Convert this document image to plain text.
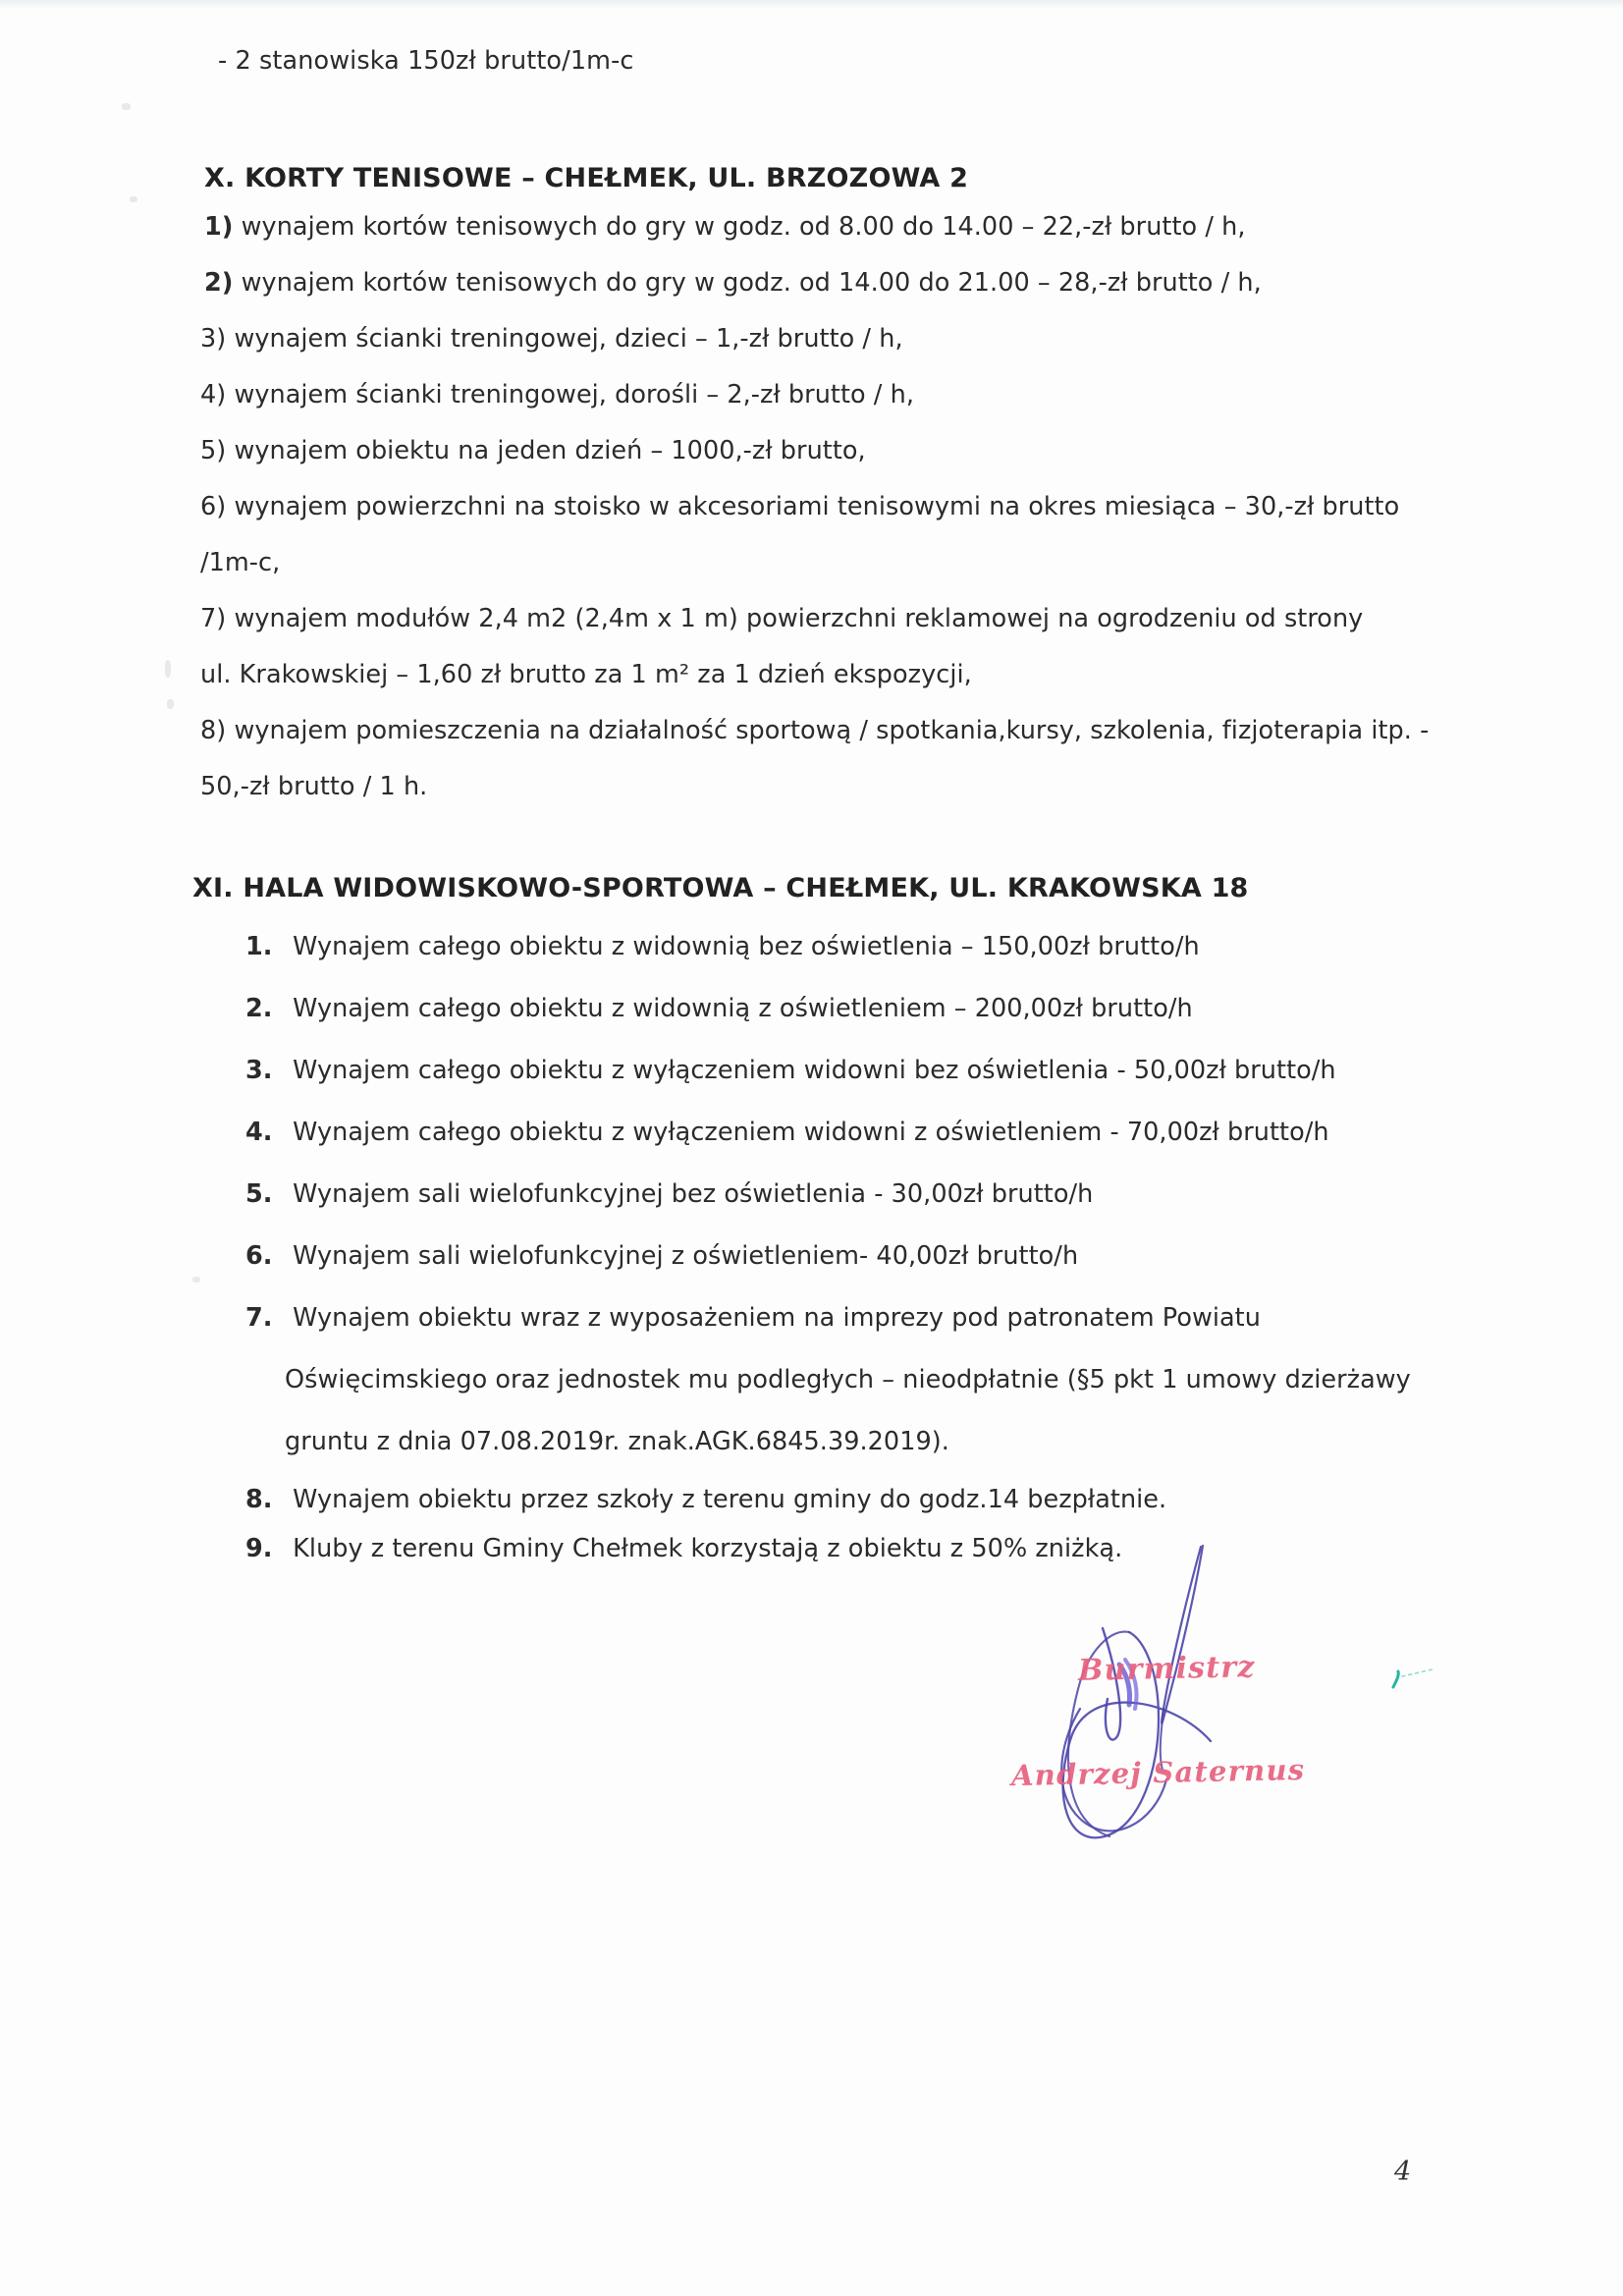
- 2 stanowiska 150zł brutto/1m-c
X. KORTY TENISOWE – CHEŁMEK, UL. BRZOZOWA 2
1) wynajem kortów tenisowych do gry w godz. od 8.00 do 14.00 – 22,-zł brutto / h,
2) wynajem kortów tenisowych do gry w godz. od 14.00 do 21.00 – 28,-zł brutto / h,
3) wynajem ścianki treningowej, dzieci – 1,-zł brutto / h,
4) wynajem ścianki treningowej, dorośli – 2,-zł brutto / h,
5) wynajem obiektu na jeden dzień – 1000,-zł brutto,
6) wynajem powierzchni na stoisko w akcesoriami tenisowymi na okres miesiąca – 30,-zł brutto
/1m-c,
7) wynajem modułów 2,4 m2 (2,4m x 1 m) powierzchni reklamowej na ogrodzeniu od strony
ul. Krakowskiej – 1,60 zł brutto za 1 m² za 1 dzień ekspozycji,
8) wynajem pomieszczenia na działalność sportową / spotkania,kursy, szkolenia, fizjoterapia itp. -
50,-zł brutto / 1 h.
XI. HALA WIDOWISKOWO-SPORTOWA – CHEŁMEK, UL. KRAKOWSKA 18
1. Wynajem całego obiektu z widownią bez oświetlenia – 150,00zł brutto/h
2. Wynajem całego obiektu z widownią z oświetleniem – 200,00zł brutto/h
3. Wynajem całego obiektu z wyłączeniem widowni bez oświetlenia - 50,00zł brutto/h
4. Wynajem całego obiektu z wyłączeniem widowni z oświetleniem - 70,00zł brutto/h
5. Wynajem sali wielofunkcyjnej bez oświetlenia - 30,00zł brutto/h
6. Wynajem sali wielofunkcyjnej z oświetleniem- 40,00zł brutto/h
7. Wynajem obiektu wraz z wyposażeniem na imprezy pod patronatem Powiatu
Oświęcimskiego oraz jednostek mu podległych – nieodpłatnie (§5 pkt 1 umowy dzierżawy
gruntu z dnia 07.08.2019r. znak.AGK.6845.39.2019).
8. Wynajem obiektu przez szkoły z terenu gminy do godz.14 bezpłatnie.
9. Kluby z terenu Gminy Chełmek korzystają z obiektu z 50% zniżką.
Burmistrz
Andrzej Saternus
4
